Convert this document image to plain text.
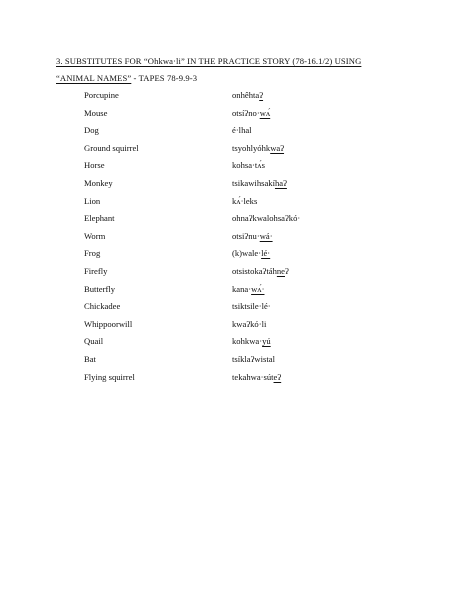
3. SUBSTITUTES FOR “Ohkwa·li” IN THE PRACTICE STORY (78-16.1/2) USING
“ANIMAL NAMES” - TAPES 78-9.9-3
Porcupine	onhêhtaʔ
Mouse	otsíʔno·wʌ́
Dog	é·lhal
Ground squirrel	tsyohlyóhkwaʔ
Horse	kohsa·tʌ́s
Monkey	tsikawihsakíhaʔ
Lion	kʌ́·leks
Elephant	ohnaʔkwalohsaʔkó·
Worm	otsiʔnu·wá·
Frog	(k)wale·lé·
Firefly	otsistokaʔtáhneʔ
Butterfly	kana·wʌ́·
Chickadee	tsiktsile·lé·
Whippoorwill	kwaʔkó·li
Quail	kohkwa·yú
Bat	tsíklaʔwistal
Flying squirrel	tekahwa·súteʔ
